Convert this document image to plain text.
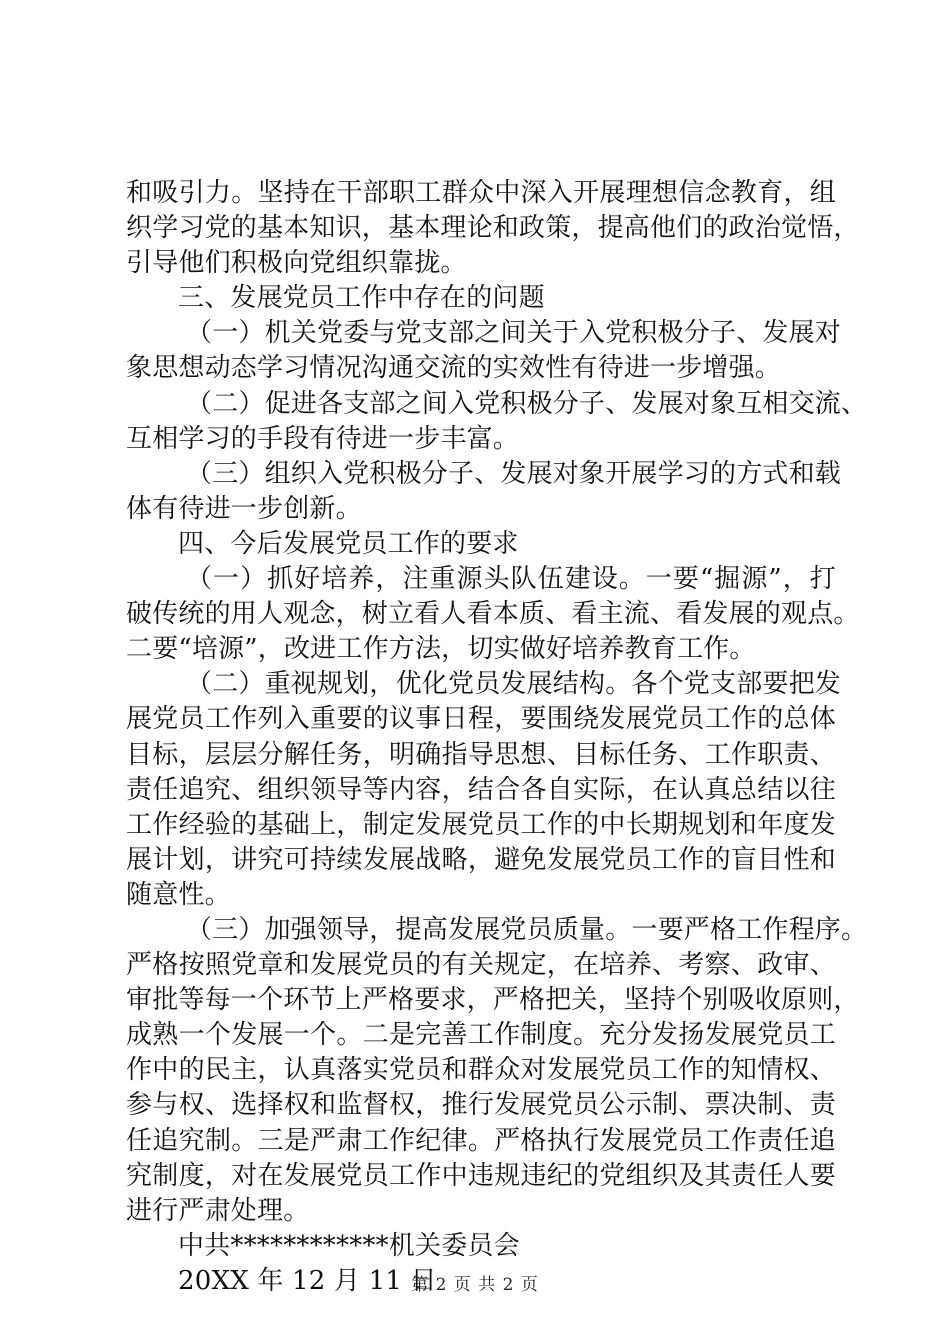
和吸引力。坚持在干部职工群众中深入开展理想信念教育，组
织学习党的基本知识，基本理论和政策，提高他们的政治觉悟，
引导他们积极向党组织靠拢。
三、发展党员工作中存在的问题
（一）机关党委与党支部之间关于入党积极分子、发展对
象思想动态学习情况沟通交流的实效性有待进一步增强。
（二）促进各支部之间入党积极分子、发展对象互相交流、
互相学习的手段有待进一步丰富。
（三）组织入党积极分子、发展对象开展学习的方式和载
体有待进一步创新。
四、今后发展党员工作的要求
（一）抓好培养，注重源头队伍建设。一要“掘源”，打
破传统的用人观念，树立看人看本质、看主流、看发展的观点。
二要“培源”，改进工作方法，切实做好培养教育工作。
（二）重视规划，优化党员发展结构。各个党支部要把发
展党员工作列入重要的议事日程，要围绕发展党员工作的总体
目标，层层分解任务，明确指导思想、目标任务、工作职责、
责任追究、组织领导等内容，结合各自实际，在认真总结以往
工作经验的基础上，制定发展党员工作的中长期规划和年度发
展计划，讲究可持续发展战略，避免发展党员工作的盲目性和
随意性。
（三）加强领导，提高发展党员质量。一要严格工作程序。
严格按照党章和发展党员的有关规定，在培养、考察、政审、
审批等每一个环节上严格要求，严格把关，坚持个别吸收原则，
成熟一个发展一个。二是完善工作制度。充分发扬发展党员工
作中的民主，认真落实党员和群众对发展党员工作的知情权、
参与权、选择权和监督权，推行发展党员公示制、票决制、责
任追究制。三是严肃工作纪律。严格执行发展党员工作责任追
究制度，对在发展党员工作中违规违纪的党组织及其责任人要
进行严肃处理。
中共************机关委员会
20XX 年 12 月 11 日
第 2 页 共 2 页
